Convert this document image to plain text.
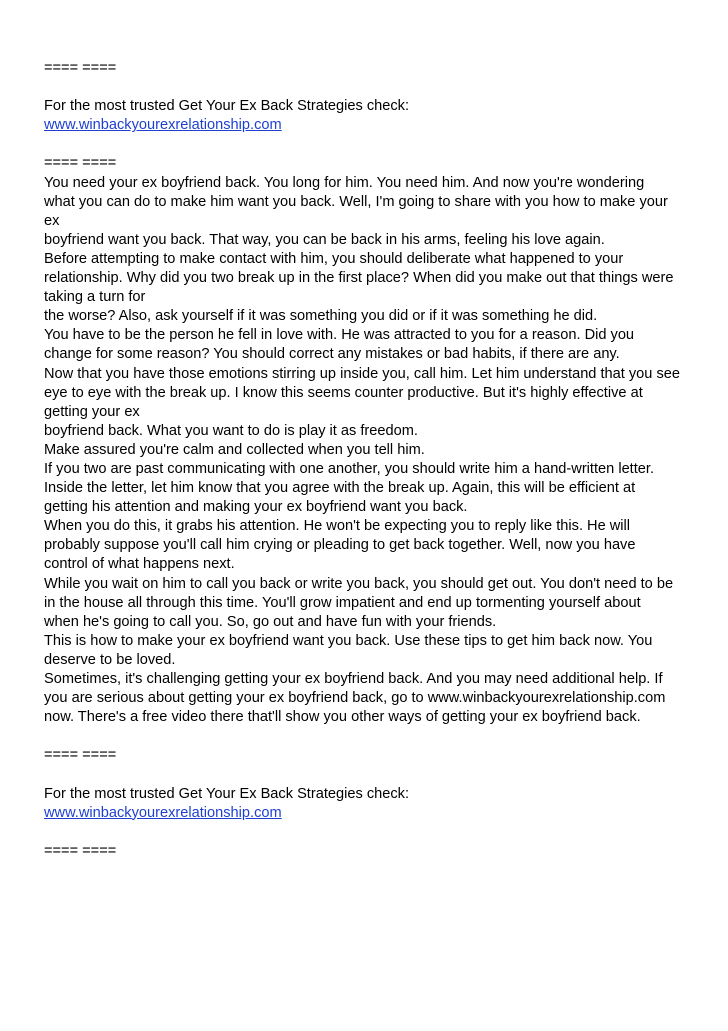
==== ====
For the most trusted Get Your Ex Back Strategies check:
www.winbackyourexrelationship.com
==== ====
You need your ex boyfriend back. You long for him. You need him. And now you're wondering
what you can do to make him want you back. Well, I'm going to share with you how to make your
ex
boyfriend want you back. That way, you can be back in his arms, feeling his love again.
Before attempting to make contact with him, you should deliberate what happened to your
relationship. Why did you two break up in the first place? When did you make out that things were
taking a turn for
the worse? Also, ask yourself if it was something you did or if it was something he did.
You have to be the person he fell in love with. He was attracted to you for a reason. Did you
change for some reason? You should correct any mistakes or bad habits, if there are any.
Now that you have those emotions stirring up inside you, call him. Let him understand that you see
eye to eye with the break up. I know this seems counter productive. But it's highly effective at
getting your ex
boyfriend back. What you want to do is play it as freedom.
Make assured you're calm and collected when you tell him.
If you two are past communicating with one another, you should write him a hand-written letter.
Inside the letter, let him know that you agree with the break up. Again, this will be efficient at
getting his attention and making your ex boyfriend want you back.
When you do this, it grabs his attention. He won't be expecting you to reply like this. He will
probably suppose you'll call him crying or pleading to get back together. Well, now you have
control of what happens next.
While you wait on him to call you back or write you back, you should get out. You don't need to be
in the house all through this time. You'll grow impatient and end up tormenting yourself about
when he's going to call you. So, go out and have fun with your friends.
This is how to make your ex boyfriend want you back. Use these tips to get him back now. You
deserve to be loved.
Sometimes, it's challenging getting your ex boyfriend back. And you may need additional help. If
you are serious about getting your ex boyfriend back, go to www.winbackyourexrelationship.com
now. There's a free video there that'll show you other ways of getting your ex boyfriend back.
==== ====
For the most trusted Get Your Ex Back Strategies check:
www.winbackyourexrelationship.com
==== ====
